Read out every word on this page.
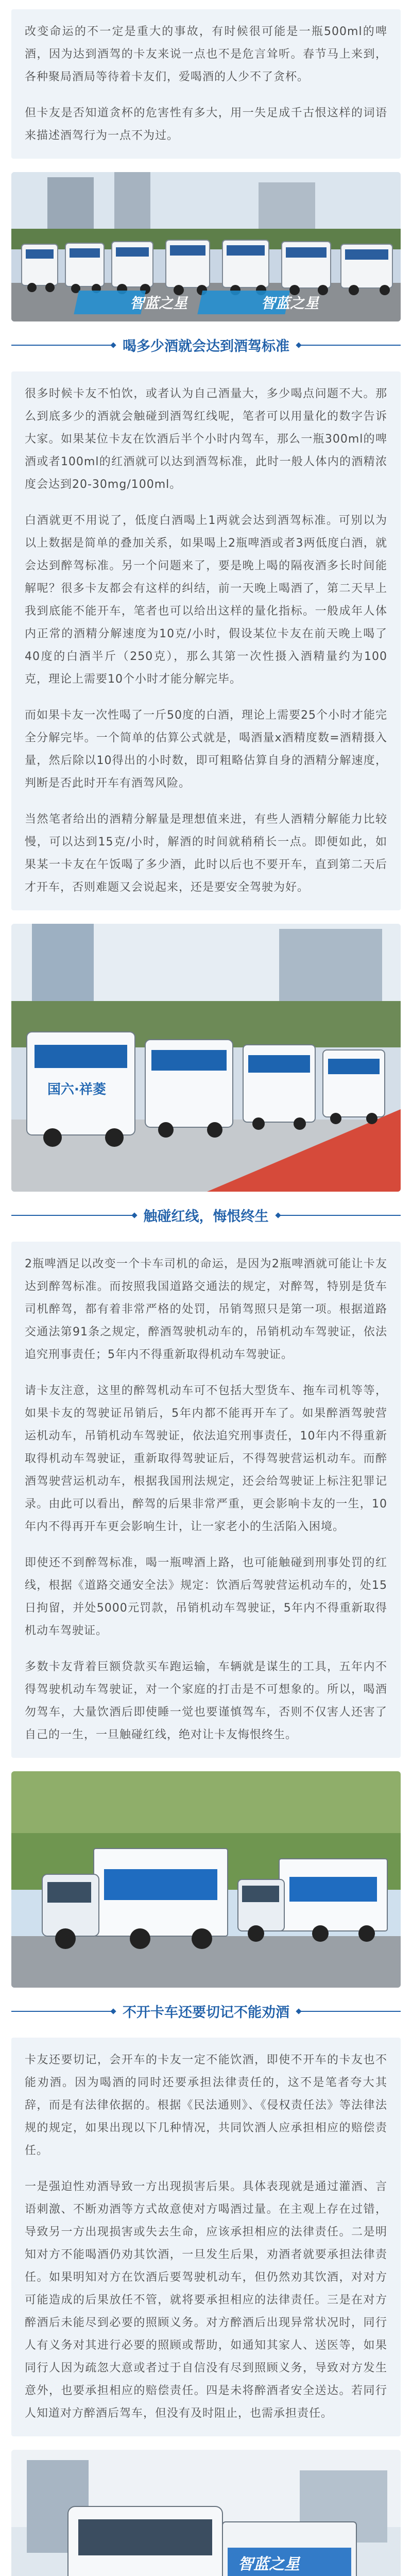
改变命运的不一定是重大的事故，有时候很可能是一瓶500ml的啤酒，因为达到酒驾的卡友来说一点也不是危言耸听。春节马上来到，各种聚局酒局等待着卡友们，爱喝酒的人少不了贪杯。

但卡友是否知道贪杯的危害性有多大，用一失足成千古恨这样的词语来描述酒驾行为一点不为过。

智蓝之星	智蓝之星
喝多少酒就会达到酒驾标准

很多时候卡友不怕饮，或者认为自己酒量大，多少喝点问题不大。那么到底多少的酒就会触碰到酒驾红线呢，笔者可以用量化的数字告诉大家。如果某位卡友在饮酒后半个小时内驾车，那么一瓶300ml的啤酒或者100ml的红酒就可以达到酒驾标准，此时一般人体内的酒精浓度会达到20-30mg/100ml。

白酒就更不用说了，低度白酒喝上1两就会达到酒驾标准。可别以为以上数据是简单的叠加关系，如果喝上2瓶啤酒或者3两低度白酒，就会达到醉驾标准。另一个问题来了，要是晚上喝的隔夜酒多长时间能解呢？很多卡友都会有这样的纠结，前一天晚上喝酒了，第二天早上我到底能不能开车，笔者也可以给出这样的量化指标。一般成年人体内正常的酒精分解速度为10克/小时，假设某位卡友在前天晚上喝了40度的白酒半斤（250克），那么其第一次性摄入酒精量约为100克，理论上需要10个小时才能分解完毕。

而如果卡友一次性喝了一斤50度的白酒，理论上需要25个小时才能完全分解完毕。一个简单的估算公式就是，喝酒量x酒精度数=酒精摄入量，然后除以10得出的小时数，即可粗略估算自身的酒精分解速度，判断是否此时开车有酒驾风险。

当然笔者给出的酒精分解量是理想值来进，有些人酒精分解能力比较慢，可以达到15克/小时，解酒的时间就稍稍长一点。即便如此，如果某一卡友在午饭喝了多少酒，此时以后也不要开车，直到第二天后才开车，否则难题又会说起来，还是要安全驾驶为好。

国六·祥菱
触碰红线，悔恨终生

2瓶啤酒足以改变一个卡车司机的命运，是因为2瓶啤酒就可能让卡友达到醉驾标准。而按照我国道路交通法的规定，对醉驾，特别是货车司机醉驾，都有着非常严格的处罚，吊销驾照只是第一项。根据道路交通法第91条之规定，醉酒驾驶机动车的，吊销机动车驾驶证，依法追究刑事责任；5年内不得重新取得机动车驾驶证。

请卡友注意，这里的醉驾机动车可不包括大型货车、拖车司机等等，如果卡友的驾驶证吊销后，5年内都不能再开车了。如果醉酒驾驶营运机动车，吊销机动车驾驶证，依法追究刑事责任，10年内不得重新取得机动车驾驶证，重新取得驾驶证后，不得驾驶营运机动车。而醉酒驾驶营运机动车，根据我国刑法规定，还会给驾驶证上标注犯罪记录。由此可以看出，醉驾的后果非常严重，更会影响卡友的一生，10年内不得再开车更会影响生计，让一家老小的生活陷入困境。

即使还不到醉驾标准，喝一瓶啤酒上路，也可能触碰到刑事处罚的红线，根据《道路交通安全法》规定：饮酒后驾驶营运机动车的，处15日拘留，并处5000元罚款，吊销机动车驾驶证，5年内不得重新取得机动车驾驶证。

多数卡友背着巨额贷款买车跑运输，车辆就是谋生的工具，五年内不得驾驶机动车驾驶证，对一个家庭的打击是不可想象的。所以，喝酒勿驾车，大量饮酒后即使睡一觉也要谨慎驾车，否则不仅害人还害了自己的一生，一旦触碰红线，绝对让卡友悔恨终生。

不开卡车还要切记不能劝酒

卡友还要切记，会开车的卡友一定不能饮酒，即使不开车的卡友也不能劝酒。因为喝酒的同时还要承担法律责任的，这不是笔者夸大其辞，而是有法律依据的。根据《民法通则》、《侵权责任法》等法律法规的规定，如果出现以下几种情况，共同饮酒人应承担相应的赔偿责任。

一是强迫性劝酒导致一方出现损害后果。具体表现就是通过灌酒、言语刺激、不断劝酒等方式故意使对方喝酒过量。在主观上存在过错，导致另一方出现损害或失去生命，应该承担相应的法律责任。二是明知对方不能喝酒仍劝其饮酒，一旦发生后果，劝酒者就要承担法律责任。如果明知对方在饮酒后要驾驶机动车，但仍然劝其饮酒，对对方可能造成的后果放任不管，就将要承担相应的法律责任。三是在对方醉酒后未能尽到必要的照顾义务。对方醉酒后出现异常状况时，同行人有义务对其进行必要的照顾或帮助，如通知其家人、送医等，如果同行人因为疏忽大意或者过于自信没有尽到照顾义务，导致对方发生意外，也要承担相应的赔偿责任。四是未将醉酒者安全送达。若同行人知道对方醉酒后驾车，但没有及时阻止，也需承担责任。

智蓝之星
